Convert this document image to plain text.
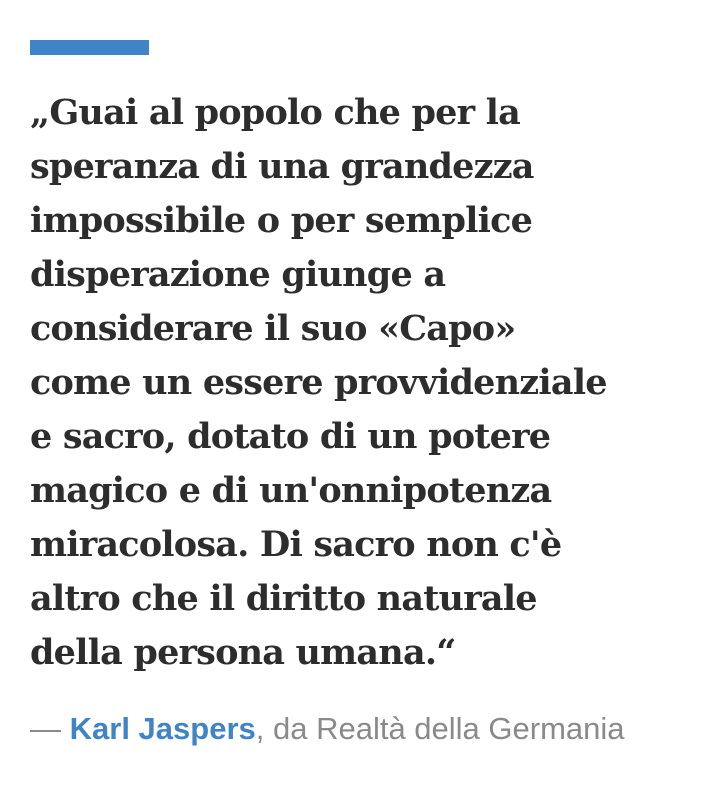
„Guai al popolo che per la
speranza di una grandezza
impossibile o per semplice
disperazione giunge a
considerare il suo «Capo»
come un essere provvidenziale
e sacro, dotato di un potere
magico e di un'onnipotenza
miracolosa. Di sacro non c'è
altro che il diritto naturale
della persona umana.“
— Karl Jaspers, da Realtà della Germania
